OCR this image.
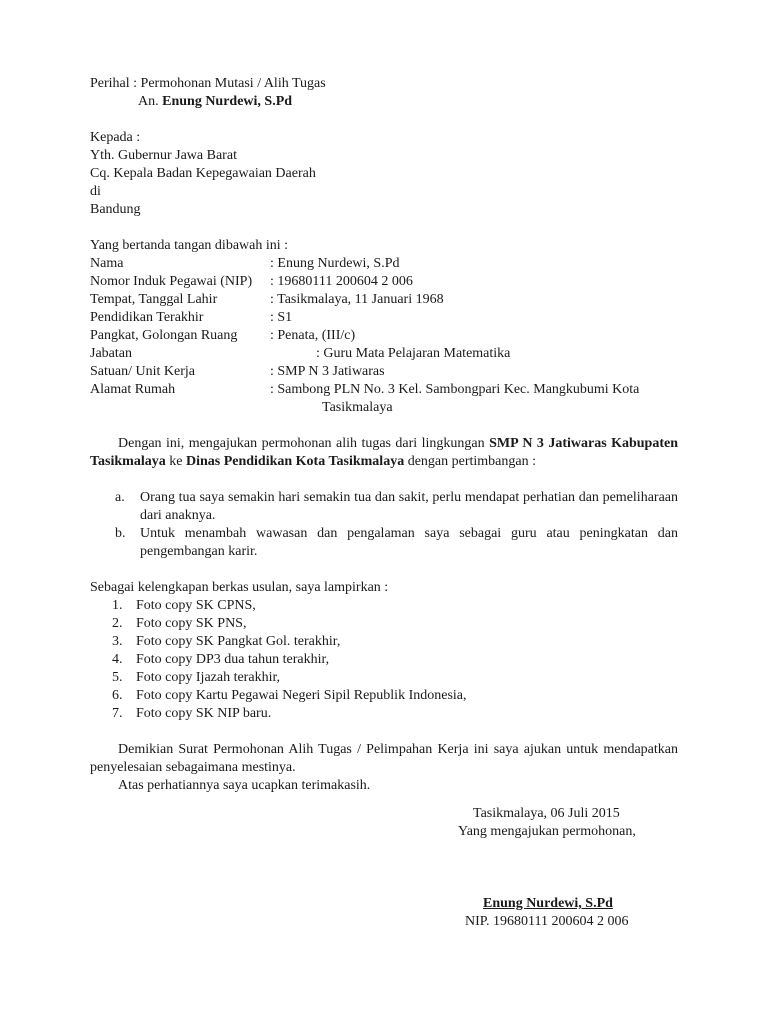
Perihal : Permohonan Mutasi / Alih Tugas
An. Enung Nurdewi, S.Pd
Kepada :
Yth. Gubernur Jawa Barat
Cq. Kepala Badan Kepegawaian Daerah
di
Bandung
Yang bertanda tangan dibawah ini :
Nama	: Enung Nurdewi, S.Pd
Nomor Induk Pegawai (NIP)	: 19680111 200604 2 006
Tempat, Tanggal Lahir	: Tasikmalaya, 11 Januari 1968
Pendidikan Terakhir	: S1
Pangkat, Golongan Ruang	: Penata, (III/c)
Jabatan	: Guru Mata Pelajaran Matematika
Satuan/ Unit Kerja	: SMP N 3 Jatiwaras
Alamat Rumah	: Sambong PLN No. 3 Kel. Sambongpari Kec. Mangkubumi Kota
Tasikmalaya

Dengan ini, mengajukan permohonan alih tugas dari lingkungan SMP N 3 Jatiwaras Kabupaten Tasikmalaya ke Dinas Pendidikan Kota Tasikmalaya dengan pertimbangan :

a.	Orang tua saya semakin hari semakin tua dan sakit, perlu mendapat perhatian dan pemeliharaan dari anaknya.
b.	Untuk menambah wawasan dan pengalaman saya sebagai guru atau peningkatan dan pengembangan karir.
Sebagai kelengkapan berkas usulan, saya lampirkan :
1. Foto copy SK CPNS,
2. Foto copy SK PNS,
3. Foto copy SK Pangkat Gol. terakhir,
4. Foto copy DP3 dua tahun terakhir,
5. Foto copy Ijazah terakhir,
6. Foto copy Kartu Pegawai Negeri Sipil Republik Indonesia,
7. Foto copy SK NIP baru.

Demikian Surat Permohonan Alih Tugas / Pelimpahan Kerja ini saya ajukan untuk mendapatkan penyelesaian sebagaimana mestinya.

Atas perhatiannya saya ucapkan terimakasih.

Tasikmalaya, 06 Juli 2015
Yang mengajukan permohonan,
Enung Nurdewi, S.Pd
NIP. 19680111 200604 2 006
